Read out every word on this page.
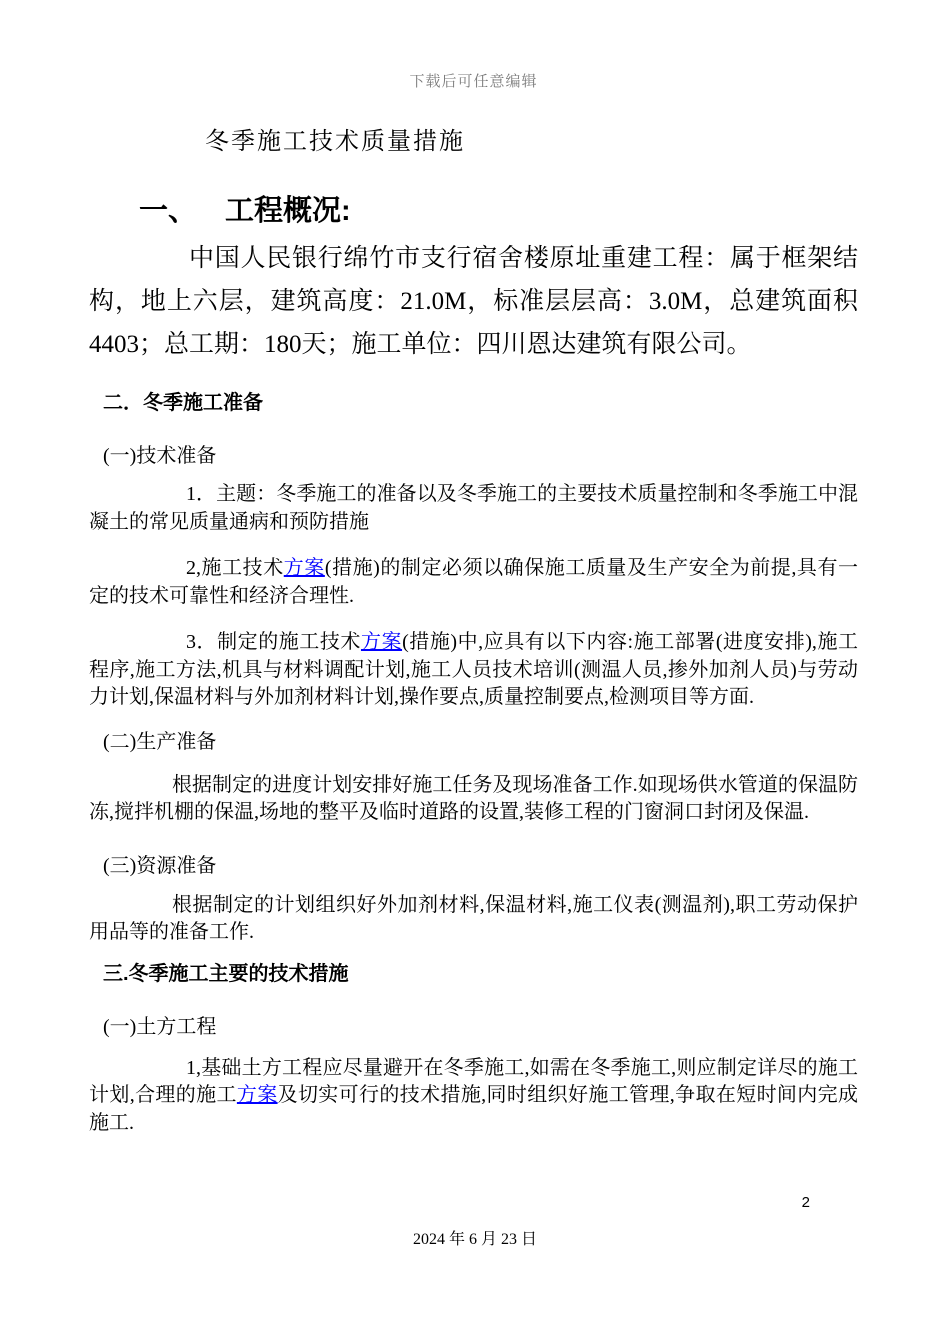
下载后可任意编辑
冬季施工技术质量措施
一、 工程概况:

中国人民银行绵竹市支行宿舍楼原址重建工程：属于框架结构，地上六层，建筑高度：21.0M，标准层层高：3.0M，总建筑面积4403；总工期：180天；施工单位：四川恩达建筑有限公司。

二．冬季施工准备
(一)技术准备

1．主题：冬季施工的准备以及冬季施工的主要技术质量控制和冬季施工中混凝土的常见质量通病和预防措施

2,施工技术方案(措施)的制定必须以确保施工质量及生产安全为前提,具有一定的技术可靠性和经济合理性.

3．制定的施工技术方案(措施)中,应具有以下内容:施工部署(进度安排),施工程序,施工方法,机具与材料调配计划,施工人员技术培训(测温人员,掺外加剂人员)与劳动力计划,保温材料与外加剂材料计划,操作要点,质量控制要点,检测项目等方面.

(二)生产准备

根据制定的进度计划安排好施工任务及现场准备工作.如现场供水管道的保温防冻,搅拌机棚的保温,场地的整平及临时道路的设置,装修工程的门窗洞口封闭及保温.

(三)资源准备

根据制定的计划组织好外加剂材料,保温材料,施工仪表(测温剂),职工劳动保护用品等的准备工作.

三.冬季施工主要的技术措施
(一)土方工程

1,基础土方工程应尽量避开在冬季施工,如需在冬季施工,则应制定详尽的施工计划,合理的施工方案及切实可行的技术措施,同时组织好施工管理,争取在短时间内完成施工.

2
2024 年 6 月 23 日
